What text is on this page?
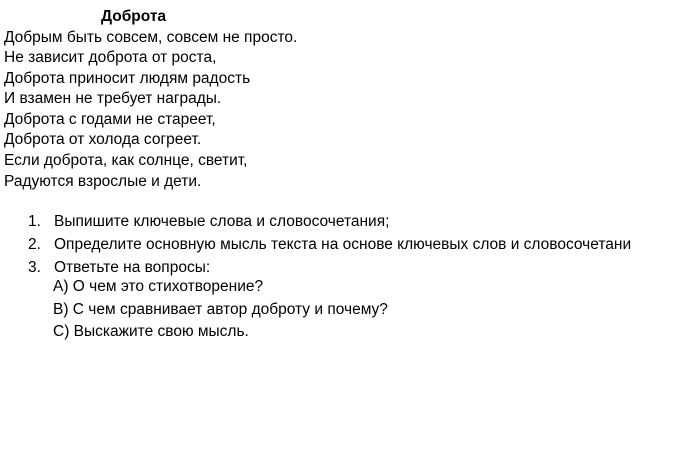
Доброта
Добрым быть совсем, совсем не просто.
Не зависит доброта от роста,
Доброта приносит людям радость
И взамен не требует награды.
Доброта с годами не стареет,
Доброта от холода согреет.
Если доброта, как солнце, светит,
Радуются взрослые и дети.
1. Выпишите ключевые слова и словосочетания;
2. Определите основную мысль текста на основе ключевых слов и словосочетани
3. Ответьте на вопросы:
A) О чем это стихотворение?
B) С чем сравнивает автор доброту и почему?
C) Выскажите свою мысль.
